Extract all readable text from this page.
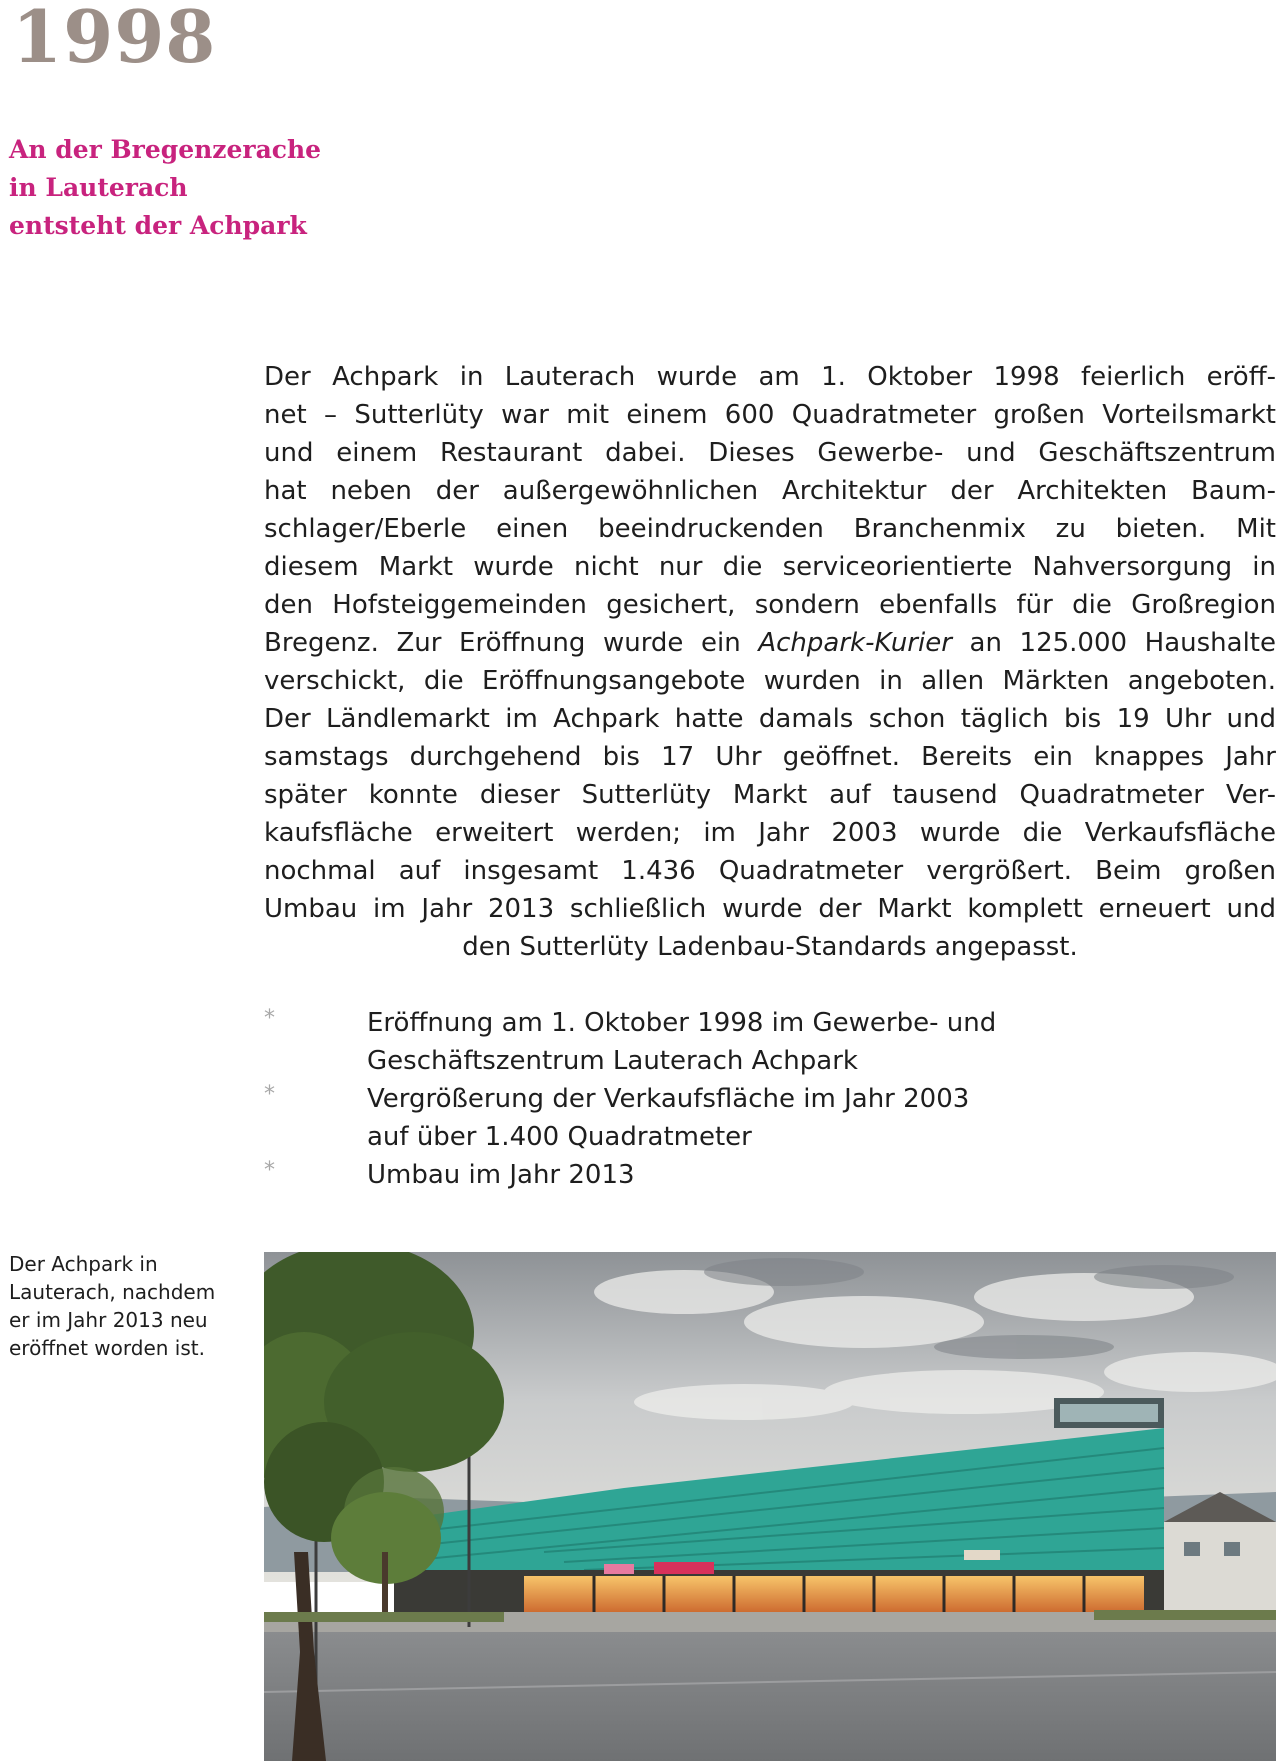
1998
An der Bregenzerache
in Lauterach
entsteht der Achpark
Der Achpark in Lauterach wurde am 1. Oktober 1998 feierlich eröff-
net – Sutterlüty war mit einem 600 Quadratmeter großen Vorteilsmarkt
und einem Restaurant dabei. Dieses Gewerbe- und Geschäftszentrum
hat neben der außergewöhnlichen Architektur der Architekten Baum-
schlager/Eberle einen beeindruckenden Branchenmix zu bieten. Mit
diesem Markt wurde nicht nur die serviceorientierte Nahversorgung in
den Hofsteiggemeinden gesichert, sondern ebenfalls für die Großregion
Bregenz. Zur Eröffnung wurde ein Achpark-Kurier an 125.000 Haushalte
verschickt, die Eröffnungsangebote wurden in allen Märkten angeboten.
Der Ländlemarkt im Achpark hatte damals schon täglich bis 19 Uhr und
samstags durchgehend bis 17 Uhr geöffnet. Bereits ein knappes Jahr
später konnte dieser Sutterlüty Markt auf tausend Quadratmeter Ver-
kaufsfläche erweitert werden; im Jahr 2003 wurde die Verkaufsfläche
nochmal auf insgesamt 1.436 Quadratmeter vergrößert. Beim großen
Umbau im Jahr 2013 schließlich wurde der Markt komplett erneuert und
den Sutterlüty Ladenbau-Standards angepasst.
*	Eröffnung am 1. Oktober 1998 im Gewerbe- und
Geschäftszentrum Lauterach Achpark
*	Vergrößerung der Verkaufsfläche im Jahr 2003
auf über 1.400 Quadratmeter
*	Umbau im Jahr 2013
Der Achpark in
Lauterach, nachdem
er im Jahr 2013 neu
eröffnet worden ist.
